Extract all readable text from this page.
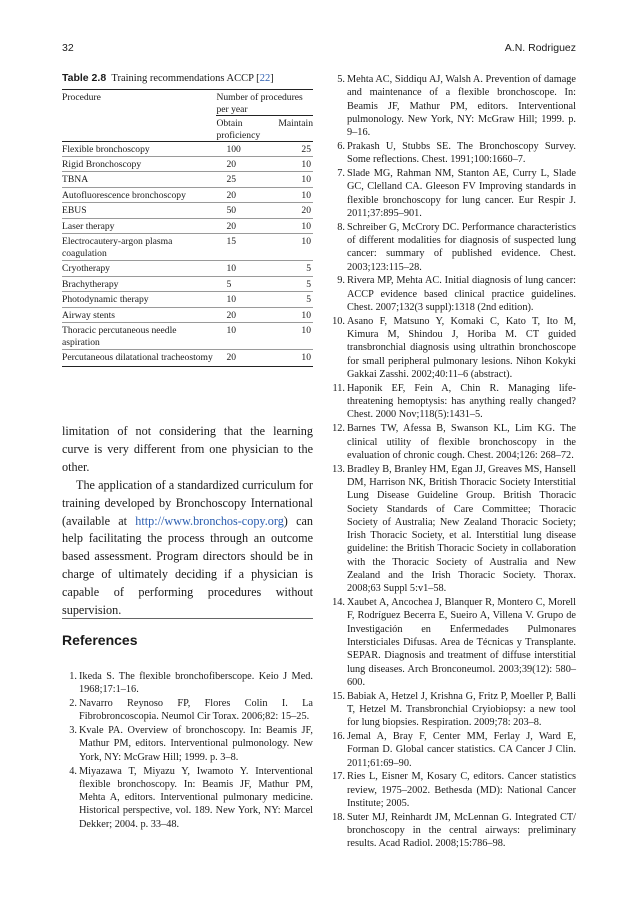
32	A.N. Rodriguez
Table 2.8 Training recommendations ACCP [22]
Procedure	Number of procedures per year	
	Obtain proficiency	Maintain
Flexible bronchoscopy	100	25
Rigid Bronchoscopy	20	10
TBNA	25	10
Autofluorescence bronchoscopy	20	10
EBUS	50	20
Laser therapy	20	10
Electrocautery-argon plasma coagulation	15	10
Cryotherapy	10	5
Brachytherapy	5	5
Photodynamic therapy	10	5
Airway stents	20	10
Thoracic percutaneous needle aspiration	10	10
Percutaneous dilatational tracheostomy	20	10

limitation of not considering that the learning curve is very different from one physician to the other.

The application of a standardized curriculum for training developed by Bronchoscopy International (available at http://www.bronchos-copy.org) can help facilitating the process through an outcome based assessment. Program directors should be in charge of ultimately deciding if a physician is capable of performing procedures without supervision.

References
1. Ikeda S. The flexible bronchofiberscope. Keio J Med. 1968;17:1–16.
2. Navarro Reynoso FP, Flores Colin I. La Fibrobroncoscopia. Neumol Cir Torax. 2006;82: 15–25.
3. Kvale PA. Overview of bronchoscopy. In: Beamis JF, Mathur PM, editors. Interventional pulmonology. New York, NY: McGraw Hill; 1999. p. 3–8.
4. Miyazawa T, Miyazu Y, Iwamoto Y. Interventional flexible bronchoscopy. In: Beamis JF, Mathur PM, Mehta A, editors. Interventional pulmonary medicine. Historical perspective, vol. 189. New York, NY: Marcel Dekker; 2004. p. 33–48.
5. Mehta AC, Siddiqu AJ, Walsh A. Prevention of damage and maintenance of a flexible bronchoscope. In: Beamis JF, Mathur PM, editors. Interventional pulmonology. New York, NY: McGraw Hill; 1999. p. 9–16.
6. Prakash U, Stubbs SE. The Bronchoscopy Survey. Some reflections. Chest. 1991;100:1660–7.
7. Slade MG, Rahman NM, Stanton AE, Curry L, Slade GC, Clelland CA. Gleeson FV Improving standards in flexible bronchoscopy for lung cancer. Eur Respir J. 2011;37:895–901.
8. Schreiber G, McCrory DC. Performance characteristics of different modalities for diagnosis of suspected lung cancer: summary of published evidence. Chest. 2003;123:115–28.
9. Rivera MP, Mehta AC. Initial diagnosis of lung cancer: ACCP evidence based clinical practice guidelines. Chest. 2007;132(3 suppl):1318 (2nd edition).
10. Asano F, Matsuno Y, Komaki C, Kato T, Ito M, Kimura M, Shindou J, Horiba M. CT guided transbronchial diagnosis using ultrathin bronchoscope for small peripheral pulmonary lesions. Nihon Kokyki Gakkai Zasshi. 2002;40:11–6 (abstract).
11. Haponik EF, Fein A, Chin R. Managing life-threatening hemoptysis: has anything really changed? Chest. 2000 Nov;118(5):1431–5.
12. Barnes TW, Afessa B, Swanson KL, Lim KG. The clinical utility of flexible bronchoscopy in the evaluation of chronic cough. Chest. 2004;126: 268–72.
13. Bradley B, Branley HM, Egan JJ, Greaves MS, Hansell DM, Harrison NK, British Thoracic Society Interstitial Lung Disease Guideline Group. British Thoracic Society Standards of Care Committee; Thoracic Society of Australia; New Zealand Thoracic Society; Irish Thoracic Society, et al. Interstitial lung disease guideline: the British Thoracic Society in collaboration with the Thoracic Society of Australia and New Zealand and the Irish Thoracic Society. Thorax. 2008;63 Suppl 5:v1–58.
14. Xaubet A, Ancochea J, Blanquer R, Montero C, Morell F, Rodríguez Becerra E, Sueiro A, Villena V. Grupo de Investigación en Enfermedades Pulmonares Intersticiales Difusas. Area de Técnicas y Transplante. SEPAR. Diagnosis and treatment of diffuse interstitial lung diseases. Arch Bronconeumol. 2003;39(12): 580–600.
15. Babiak A, Hetzel J, Krishna G, Fritz P, Moeller P, Balli T, Hetzel M. Transbronchial Cryiobiopsy: a new tool for lung biopsies. Respiration. 2009;78: 203–8.
16. Jemal A, Bray F, Center MM, Ferlay J, Ward E, Forman D. Global cancer statistics. CA Cancer J Clin. 2011;61:69–90.
17. Ries L, Eisner M, Kosary C, editors. Cancer statistics review, 1975–2002. Bethesda (MD): National Cancer Institute; 2005.
18. Suter MJ, Reinhardt JM, McLennan G. Integrated CT/ bronchoscopy in the central airways: preliminary results. Acad Radiol. 2008;15:786–98.
